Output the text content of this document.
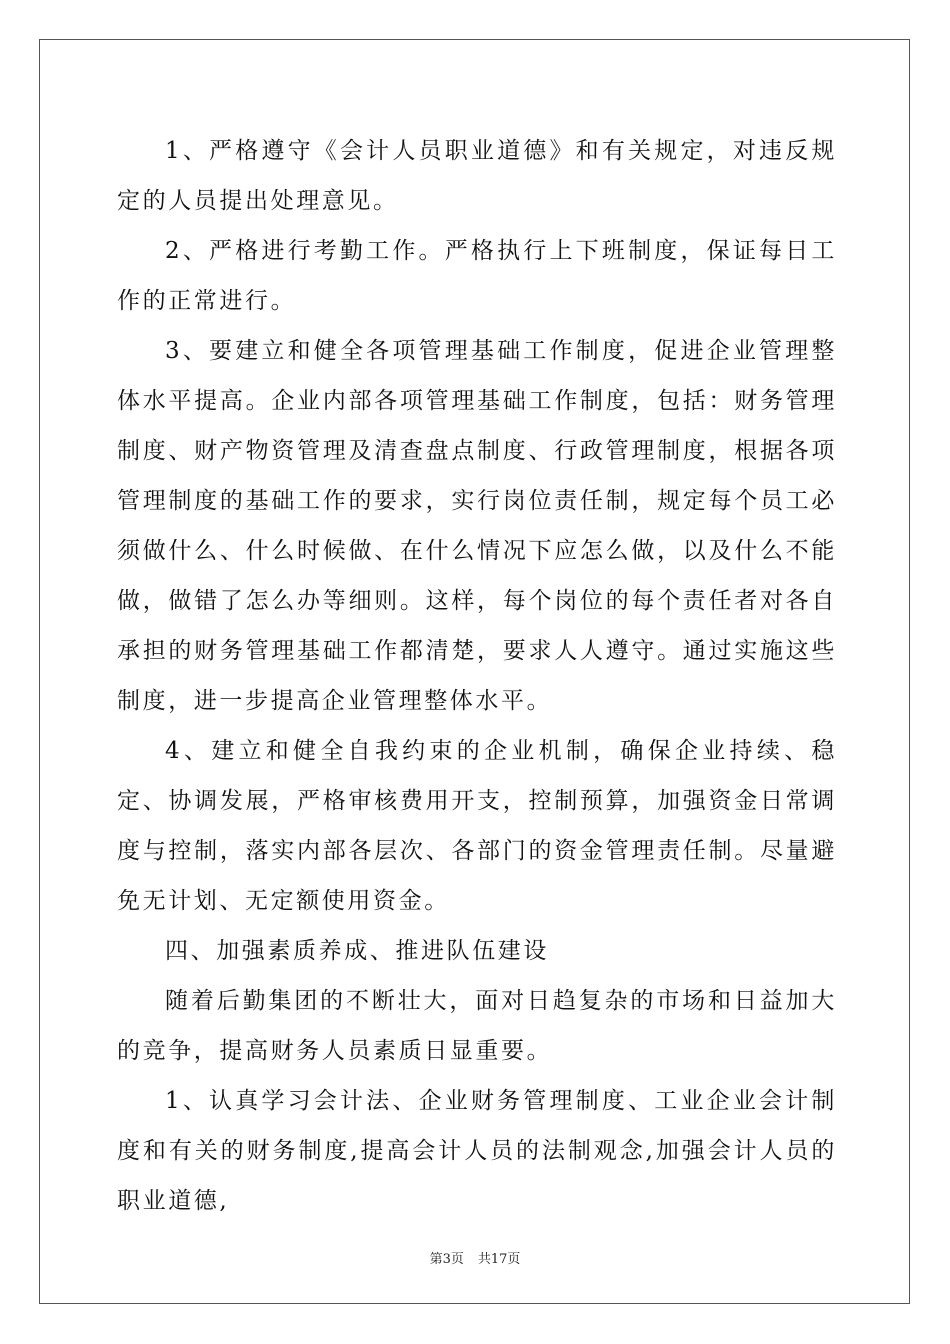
1、严格遵守《会计人员职业道德》和有关规定，对违反规定的人员提出处理意见。

2、严格进行考勤工作。严格执行上下班制度，保证每日工作的正常进行。

3、要建立和健全各项管理基础工作制度，促进企业管理整体水平提高。企业内部各项管理基础工作制度，包括：财务管理制度、财产物资管理及清查盘点制度、行政管理制度，根据各项管理制度的基础工作的要求，实行岗位责任制，规定每个员工必须做什么、什么时候做、在什么情况下应怎么做，以及什么不能做，做错了怎么办等细则。这样，每个岗位的每个责任者对各自承担的财务管理基础工作都清楚，要求人人遵守。通过实施这些制度，进一步提高企业管理整体水平。

4、建立和健全自我约束的企业机制，确保企业持续、稳定、协调发展，严格审核费用开支，控制预算，加强资金日常调度与控制，落实内部各层次、各部门的资金管理责任制。尽量避免无计划、无定额使用资金。

四、加强素质养成、推进队伍建设

随着后勤集团的不断壮大，面对日趋复杂的市场和日益加大的竞争，提高财务人员素质日显重要。

1、认真学习会计法、企业财务管理制度、工业企业会计制度和有关的财务制度,提高会计人员的法制观念,加强会计人员的职业道德,

第3页 共17页
